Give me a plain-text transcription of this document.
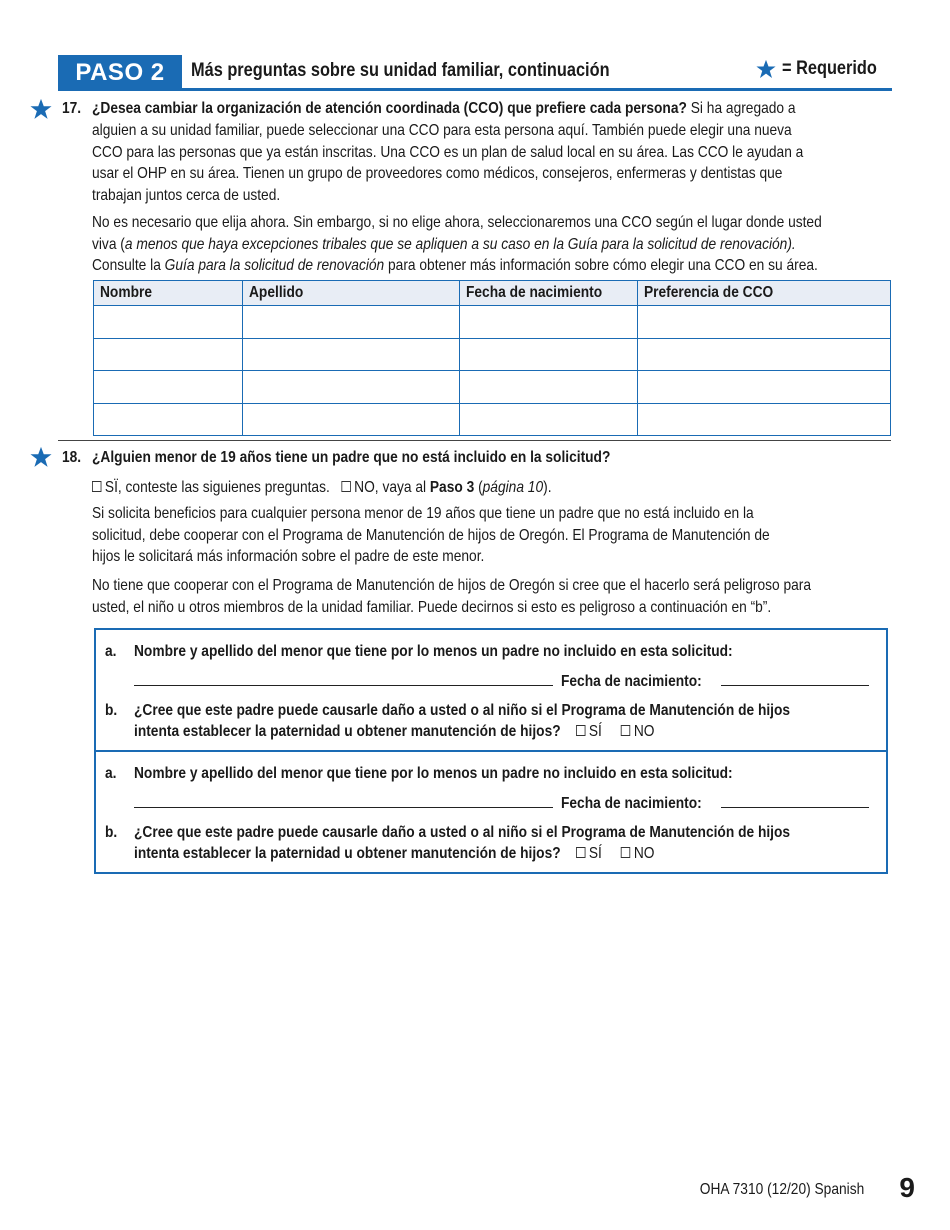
PASO 2	Más preguntas sobre su unidad familiar, continuación	= Requerido
17. ¿Desea cambiar la organización de atención coordinada (CCO) que prefiere cada persona? Si ha agregado a
alguien a su unidad familiar, puede seleccionar una CCO para esta persona aquí. También puede elegir una nueva
CCO para las personas que ya están inscritas. Una CCO es un plan de salud local en su área. Las CCO le ayudan a
usar el OHP en su área. Tienen un grupo de proveedores como médicos, consejeros, enfermeras y dentistas que
trabajan juntos cerca de usted.
No es necesario que elija ahora. Sin embargo, si no elige ahora, seleccionaremos una CCO según el lugar donde usted
viva (a menos que haya excepciones tribales que se apliquen a su caso en la Guía para la solicitud de renovación).
Consulte la Guía para la solicitud de renovación para obtener más información sobre cómo elegir una CCO en su área.
Nombre	Apellido	Fecha de nacimiento	Preferencia de CCO

18. ¿Alguien menor de 19 años tiene un padre que no está incluido en la solicitud?
SÏ, conteste las siguienes preguntas. NO, vaya al Paso 3 (página 10).
Si solicita beneficios para cualquier persona menor de 19 años que tiene un padre que no está incluido en la
solicitud, debe cooperar con el Programa de Manutención de hijos de Oregón. El Programa de Manutención de
hijos le solicitará más información sobre el padre de este menor.
No tiene que cooperar con el Programa de Manutención de hijos de Oregón si cree que el hacerlo será peligroso para
usted, el niño u otros miembros de la unidad familiar. Puede decirnos si esto es peligroso a continuación en “b”.
a. Nombre y apellido del menor que tiene por lo menos un padre no incluido en esta solicitud:
Fecha de nacimiento:
b. ¿Cree que este padre puede causarle daño a usted o al niño si el Programa de Manutención de hijos
intenta establecer la paternidad u obtener manutención de hijos? SÍ NO
a. Nombre y apellido del menor que tiene por lo menos un padre no incluido en esta solicitud:
Fecha de nacimiento:
b. ¿Cree que este padre puede causarle daño a usted o al niño si el Programa de Manutención de hijos
intenta establecer la paternidad u obtener manutención de hijos? SÍ NO
OHA 7310 (12/20) Spanish 9
